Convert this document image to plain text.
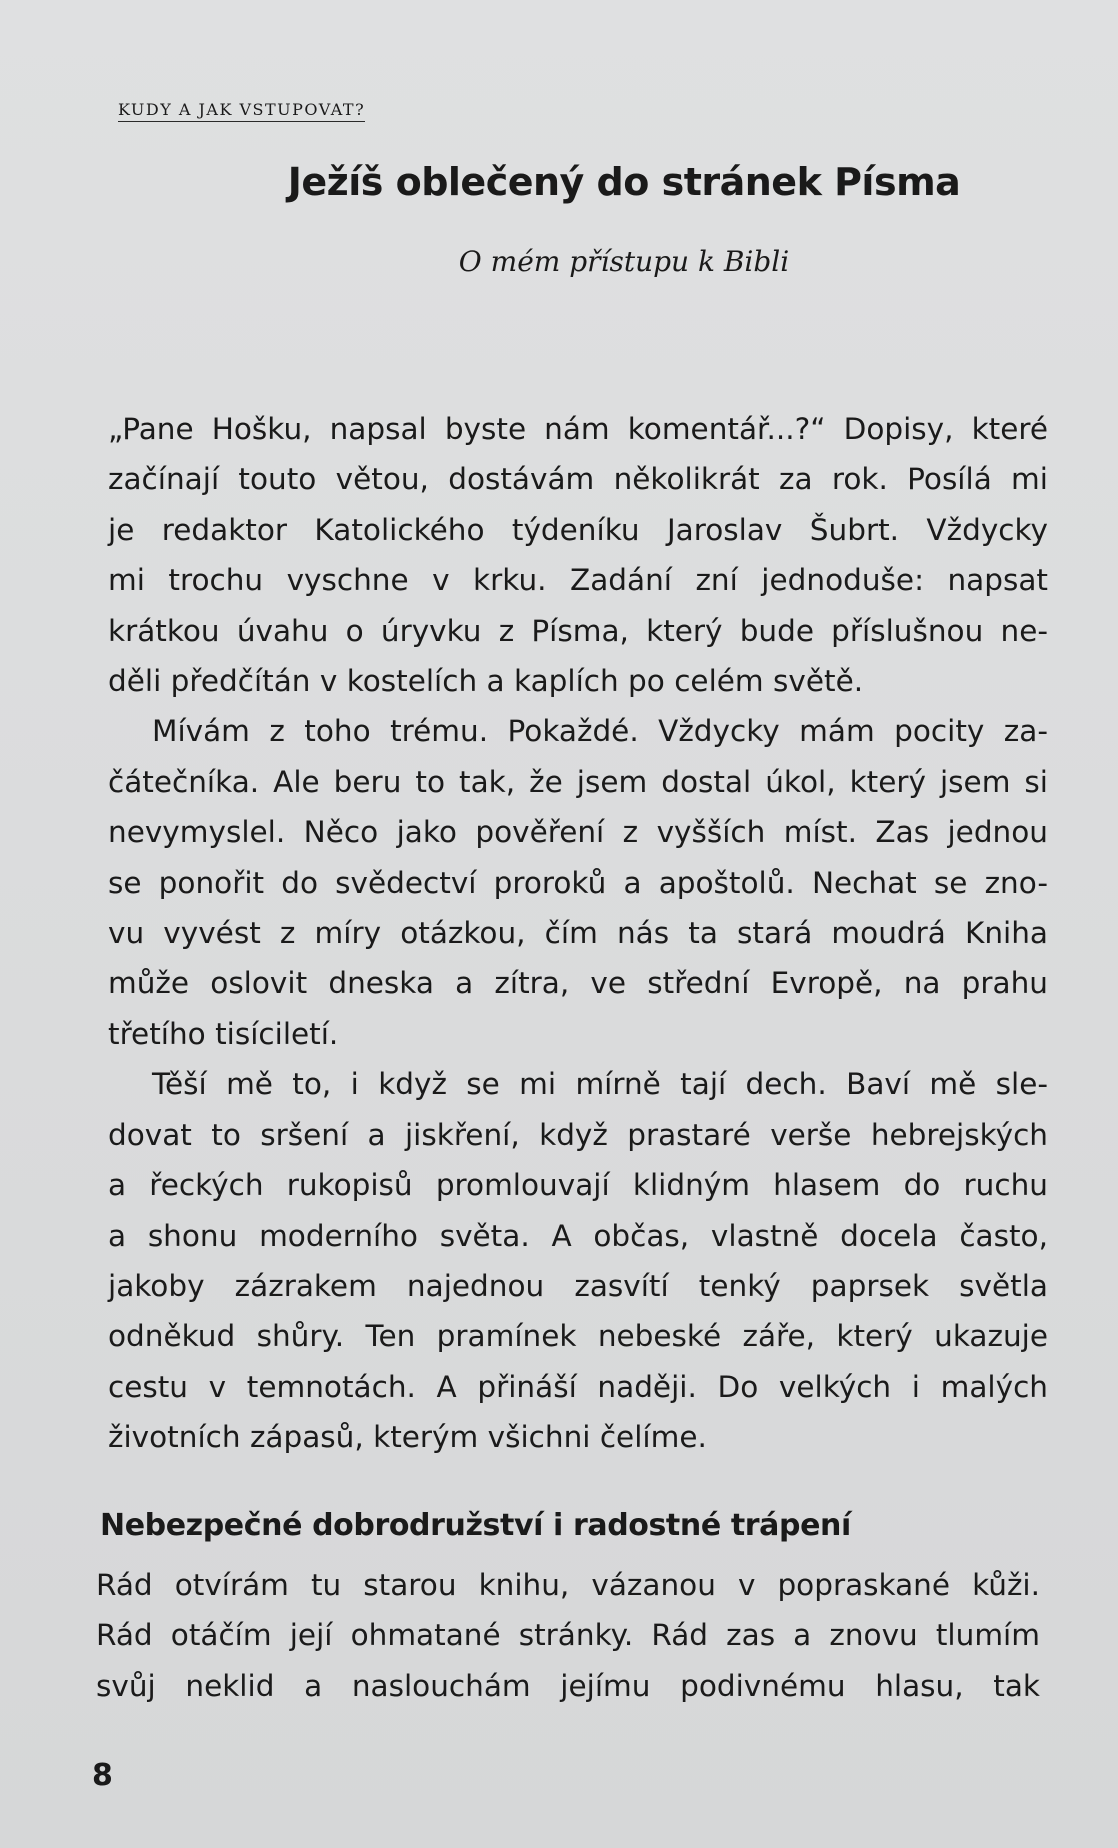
KUDY A JAK VSTUPOVAT?
Ježíš oblečený do stránek Písma
O mém přístupu k Bibli

„Pane Hošku, napsal byste nám komentář...?“ Dopisy, které
začínají touto větou, dostávám několikrát za rok. Posílá mi
je redaktor Katolického týdeníku Jaroslav Šubrt. Vždycky
mi trochu vyschne v krku. Zadání zní jednoduše: napsat
krátkou úvahu o úryvku z Písma, který bude příslušnou ne-
děli předčítán v kostelích a kaplích po celém světě.

Mívám z toho trému. Pokaždé. Vždycky mám pocity za-
čátečníka. Ale beru to tak, že jsem dostal úkol, který jsem si
nevymyslel. Něco jako pověření z vyšších míst. Zas jednou
se ponořit do svědectví proroků a apoštolů. Nechat se zno-
vu vyvést z míry otázkou, čím nás ta stará moudrá Kniha
může oslovit dneska a zítra, ve střední Evropě, na prahu
třetího tisíciletí.

Těší mě to, i když se mi mírně tají dech. Baví mě sle-
dovat to sršení a jiskření, když prastaré verše hebrejských
a řeckých rukopisů promlouvají klidným hlasem do ruchu
a shonu moderního světa. A občas, vlastně docela často,
jakoby zázrakem najednou zasvítí tenký paprsek světla
odněkud shůry. Ten pramínek nebeské záře, který ukazuje
cestu v temnotách. A přináší naději. Do velkých i malých
životních zápasů, kterým všichni čelíme.

Nebezpečné dobrodružství i radostné trápení
Rád otvírám tu starou knihu, vázanou v popraskané kůži.
Rád otáčím její ohmatané stránky. Rád zas a znovu tlumím
svůj neklid a naslouchám jejímu podivnému hlasu, tak
8
